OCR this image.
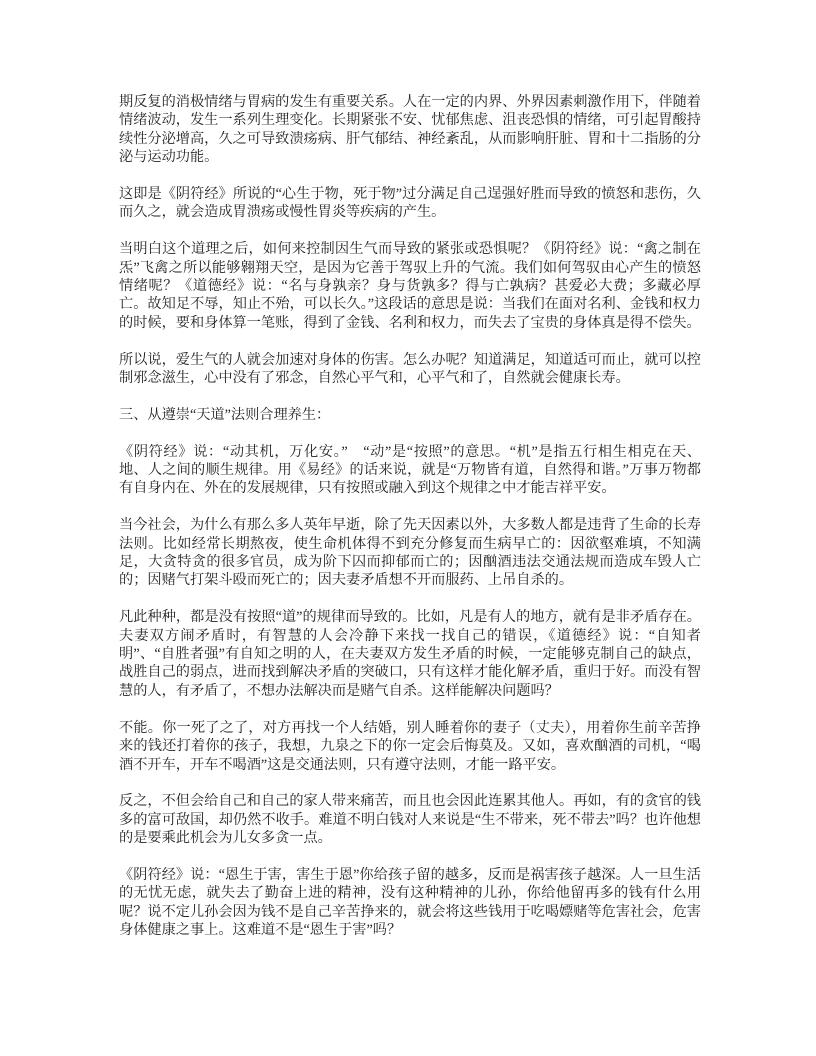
期反复的消极情绪与胃病的发生有重要关系。人在一定的内界、外界因素刺激作用下，伴随着情绪波动，发生一系列生理变化。长期紧张不安、忧郁焦虑、沮丧恐惧的情绪，可引起胃酸持续性分泌增高，久之可导致溃疡病、肝气郁结、神经紊乱，从而影响肝脏、胃和十二指肠的分泌与运动功能。

这即是《阴符经》所说的“心生于物，死于物”过分满足自己逞强好胜而导致的愤怒和悲伤，久而久之，就会造成胃溃疡或慢性胃炎等疾病的产生。

当明白这个道理之后，如何来控制因生气而导致的紧张或恐惧呢？《阴符经》说：“禽之制在炁”飞禽之所以能够翱翔天空，是因为它善于驾驭上升的气流。我们如何驾驭由心产生的愤怒情绪呢？《道德经》说：“名与身孰亲？身与货孰多？得与亡孰病？甚爱必大费；多藏必厚亡。故知足不辱，知止不殆，可以长久。”这段话的意思是说：当我们在面对名利、金钱和权力的时候，要和身体算一笔账，得到了金钱、名利和权力，而失去了宝贵的身体真是得不偿失。

所以说，爱生气的人就会加速对身体的伤害。怎么办呢？知道满足，知道适可而止，就可以控制邪念滋生，心中没有了邪念，自然心平气和，心平气和了，自然就会健康长寿。

三、从遵崇“天道”法则合理养生：

《阴符经》说：“动其机，万化安。”　“动”是“按照”的意思。“机”是指五行相生相克在天、地、人之间的顺生规律。用《易经》的话来说，就是“万物皆有道，自然得和谐。”万事万物都有自身内在、外在的发展规律，只有按照或融入到这个规律之中才能吉祥平安。

当今社会，为什么有那么多人英年早逝，除了先天因素以外，大多数人都是违背了生命的长寿法则。比如经常长期熬夜，使生命机体得不到充分修复而生病早亡的：因欲壑难填，不知满足，大贪特贪的很多官员，成为阶下囚而抑郁而亡的；因酗酒违法交通法规而造成车毁人亡的；因赌气打架斗殴而死亡的；因夫妻矛盾想不开而服药、上吊自杀的。

凡此种种，都是没有按照“道”的规律而导致的。比如，凡是有人的地方，就有是非矛盾存在。夫妻双方闹矛盾时，有智慧的人会冷静下来找一找自己的错误，《道德经》说：“自知者明”、“自胜者强”有自知之明的人，在夫妻双方发生矛盾的时候，一定能够克制自己的缺点，战胜自己的弱点，进而找到解决矛盾的突破口，只有这样才能化解矛盾，重归于好。而没有智慧的人，有矛盾了，不想办法解决而是赌气自杀。这样能解决问题吗？

不能。你一死了之了，对方再找一个人结婚，别人睡着你的妻子（丈夫），用着你生前辛苦挣来的钱还打着你的孩子，我想，九泉之下的你一定会后悔莫及。又如，喜欢酗酒的司机，“喝酒不开车，开车不喝酒”这是交通法则，只有遵守法则，才能一路平安。

反之，不但会给自己和自己的家人带来痛苦，而且也会因此连累其他人。再如，有的贪官的钱多的富可敌国，却仍然不收手。难道不明白钱对人来说是“生不带来，死不带去”吗？也许他想的是要乘此机会为儿女多贪一点。

《阴符经》说：“恩生于害，害生于恩”你给孩子留的越多，反而是祸害孩子越深。人一旦生活的无忧无虑，就失去了勤奋上进的精神，没有这种精神的儿孙，你给他留再多的钱有什么用呢？说不定儿孙会因为钱不是自己辛苦挣来的，就会将这些钱用于吃喝嫖赌等危害社会，危害身体健康之事上。这难道不是“恩生于害”吗？
